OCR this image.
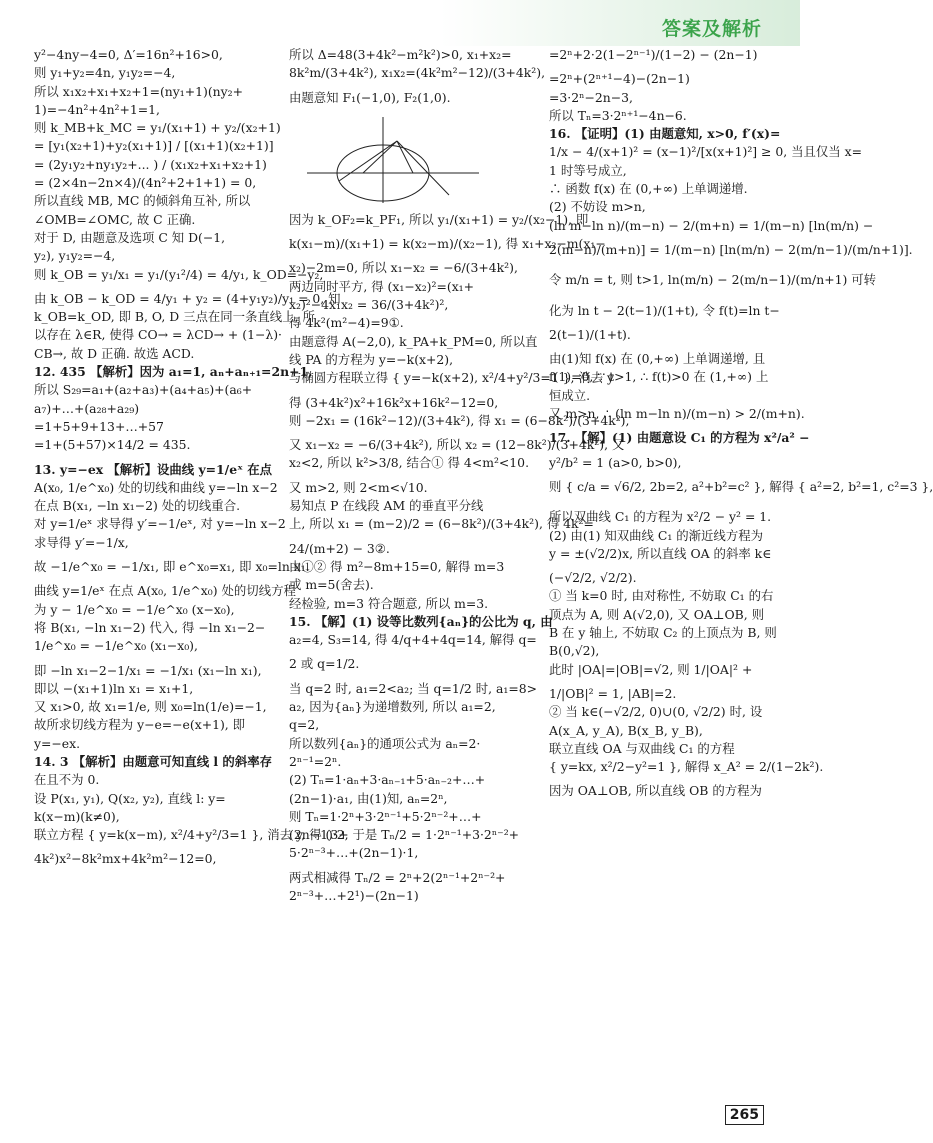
答案及解析
y²−4ny−4=0, Δ′=16n²+16>0,
则 y₁+y₂=4n, y₁y₂=−4,
所以 x₁x₂+x₁+x₂+1=(ny₁+1)(ny₂+
1)=−4n²+4n²+1=1,
则 k_MB+k_MC = y₁/(x₁+1) + y₂/(x₂+1)
= [y₁(x₂+1)+y₂(x₁+1)] / [(x₁+1)(x₂+1)]
= (2y₁y₂+ny₁y₂+... ) / (x₁x₂+x₁+x₂+1)
= (2×4n−2n×4)/(4n²+2+1+1) = 0,
所以直线 MB, MC 的倾斜角互补, 所以
∠OMB=∠OMC, 故 C 正确.
对于 D, 由题意及选项 C 知 D(−1,
y₂), y₁y₂=−4,
则 k_OB = y₁/x₁ = y₁/(y₁²/4) = 4/y₁, k_OD=−y₂,

由 k_OB − k_OD = 4/y₁ + y₂ = (4+y₁y₂)/y₁ = 0, 知
k_OB=k_OD, 即 B, O, D 三点在同一条直线上, 所
以存在 λ∈R, 使得 CO→ = λCD→ + (1−λ)·
CB→, 故 D 正确. 故选 ACD.
12. 435 【解析】因为 a₁=1, aₙ+aₙ₊₁=2n+1,
所以 S₂₉=a₁+(a₂+a₃)+(a₄+a₅)+(a₆+
a₇)+…+(a₂₈+a₂₉)
=1+5+9+13+…+57
=1+(5+57)×14/2 = 435.

13. y=−ex 【解析】设曲线 y=1/eˣ 在点
A(x₀, 1/e^x₀) 处的切线和曲线 y=−ln x−2
在点 B(x₁, −ln x₁−2) 处的切线重合.
对 y=1/eˣ 求导得 y′=−1/eˣ, 对 y=−ln x−2
求导得 y′=−1/x,

故 −1/e^x₀ = −1/x₁, 即 e^x₀=x₁, 即 x₀=ln x₁.

曲线 y=1/eˣ 在点 A(x₀, 1/e^x₀) 处的切线方程
为 y − 1/e^x₀ = −1/e^x₀ (x−x₀),
将 B(x₁, −ln x₁−2) 代入, 得 −ln x₁−2−
1/e^x₀ = −1/e^x₀ (x₁−x₀),

即 −ln x₁−2−1/x₁ = −1/x₁ (x₁−ln x₁),
即以 −(x₁+1)ln x₁ = x₁+1,
又 x₁>0, 故 x₁=1/e, 则 x₀=ln(1/e)=−1,
故所求切线方程为 y−e=−e(x+1), 即
y=−ex.
14. 3 【解析】由题意可知直线 l 的斜率存
在且不为 0.
设 P(x₁, y₁), Q(x₂, y₂), 直线 l: y=
k(x−m)(k≠0),
联立方程 { y=k(x−m), x²/4+y²/3=1 }, 消去 y, 得 (3+

4k²)x²−8k²mx+4k²m²−12=0,
所以 Δ=48(3+4k²−m²k²)>0, x₁+x₂=
8k²m/(3+4k²), x₁x₂=(4k²m²−12)/(3+4k²),

由题意知 F₁(−1,0), F₂(1,0).
因为 k_OF₂=k_PF₁, 所以 y₁/(x₁+1) = y₂/(x₂−1), 即

k(x₁−m)/(x₁+1) = k(x₂−m)/(x₂−1), 得 x₁+x₂−m(x₁−

x₂)−2m=0, 所以 x₁−x₂ = −6/(3+4k²),
两边同时平方, 得 (x₁−x₂)²=(x₁+
x₂)²−4x₁x₂ = 36/(3+4k²)²,
得 4k²(m²−4)=9①.
由题意得 A(−2,0), k_PA+k_PM=0, 所以直
线 PA 的方程为 y=−k(x+2),
与椭圆方程联立得 { y=−k(x+2), x²/4+y²/3=1 }, 消去 y

得 (3+4k²)x²+16k²x+16k²−12=0,
则 −2x₁ = (16k²−12)/(3+4k²), 得 x₁ = (6−8k²)/(3+4k²),

又 x₁−x₂ = −6/(3+4k²), 所以 x₂ = (12−8k²)/(3+4k²), 又
x₂<2, 所以 k²>3/8, 结合① 得 4<m²<10.

又 m>2, 则 2<m<√10.
易知点 P 在线段 AM 的垂直平分线
上, 所以 x₁ = (m−2)/2 = (6−8k²)/(3+4k²), 得 4k²=

24/(m+2) − 3②.
由①② 得 m²−8m+15=0, 解得 m=3
或 m=5(舍去).
经检验, m=3 符合题意, 所以 m=3.
15. 【解】(1) 设等比数列{aₙ}的公比为 q, 由
a₂=4, S₃=14, 得 4/q+4+4q=14, 解得 q=

2 或 q=1/2.

当 q=2 时, a₁=2<a₂; 当 q=1/2 时, a₁=8>
a₂, 因为{aₙ}为递增数列, 所以 a₁=2,
q=2,
所以数列{aₙ}的通项公式为 aₙ=2·
2ⁿ⁻¹=2ⁿ.
(2) Tₙ=1·aₙ+3·aₙ₋₁+5·aₙ₋₂+…+
(2n−1)·a₁, 由(1)知, aₙ=2ⁿ,
则 Tₙ=1·2ⁿ+3·2ⁿ⁻¹+5·2ⁿ⁻²+…+
(2n−1)·2, 于是 Tₙ/2 = 1·2ⁿ⁻¹+3·2ⁿ⁻²+
5·2ⁿ⁻³+…+(2n−1)·1,

两式相减得 Tₙ/2 = 2ⁿ+2(2ⁿ⁻¹+2ⁿ⁻²+
2ⁿ⁻³+…+2¹)−(2n−1)
=2ⁿ+2·2(1−2ⁿ⁻¹)/(1−2) − (2n−1)

=2ⁿ+(2ⁿ⁺¹−4)−(2n−1)
=3·2ⁿ−2n−3,
所以 Tₙ=3·2ⁿ⁺¹−4n−6.
16. 【证明】(1) 由题意知, x>0, f′(x)=
1/x − 4/(x+1)² = (x−1)²/[x(x+1)²] ≥ 0, 当且仅当 x=
1 时等号成立,
∴ 函数 f(x) 在 (0,+∞) 上单调递增.
(2) 不妨设 m>n,
(ln m−ln n)/(m−n) − 2/(m+n) = 1/(m−n) [ln(m/n) −

2(m−n)/(m+n)] = 1/(m−n) [ln(m/n) − 2(m/n−1)/(m/n+1)].

令 m/n = t, 则 t>1, ln(m/n) − 2(m/n−1)/(m/n+1) 可转

化为 ln t − 2(t−1)/(1+t), 令 f(t)=ln t−

2(t−1)/(1+t).

由(1)知 f(x) 在 (0,+∞) 上单调递增, 且
f(1)=0, ∵ t>1, ∴ f(t)>0 在 (1,+∞) 上
恒成立.
又 m>n, ∴ (ln m−ln n)/(m−n) > 2/(m+n).

17. 【解】(1) 由题意设 C₁ 的方程为 x²/a² −

y²/b² = 1 (a>0, b>0),

则 { c/a = √6/2, 2b=2, a²+b²=c² }, 解得 { a²=2, b²=1, c²=3 },

所以双曲线 C₁ 的方程为 x²/2 − y² = 1.
(2) 由(1) 知双曲线 C₁ 的渐近线方程为
y = ±(√2/2)x, 所以直线 OA 的斜率 k∈

(−√2/2, √2/2).
① 当 k=0 时, 由对称性, 不妨取 C₁ 的右
顶点为 A, 则 A(√2,0), 又 OA⊥OB, 则
B 在 y 轴上, 不妨取 C₂ 的上顶点为 B, 则
B(0,√2),
此时 |OA|=|OB|=√2, 则 1/|OA|² +

1/|OB|² = 1, |AB|=2.
② 当 k∈(−√2/2, 0)∪(0, √2/2) 时, 设
A(x_A, y_A), B(x_B, y_B),
联立直线 OA 与双曲线 C₁ 的方程
{ y=kx, x²/2−y²=1 }, 解得 x_A² = 2/(1−2k²).

因为 OA⊥OB, 所以直线 OB 的方程为
265
